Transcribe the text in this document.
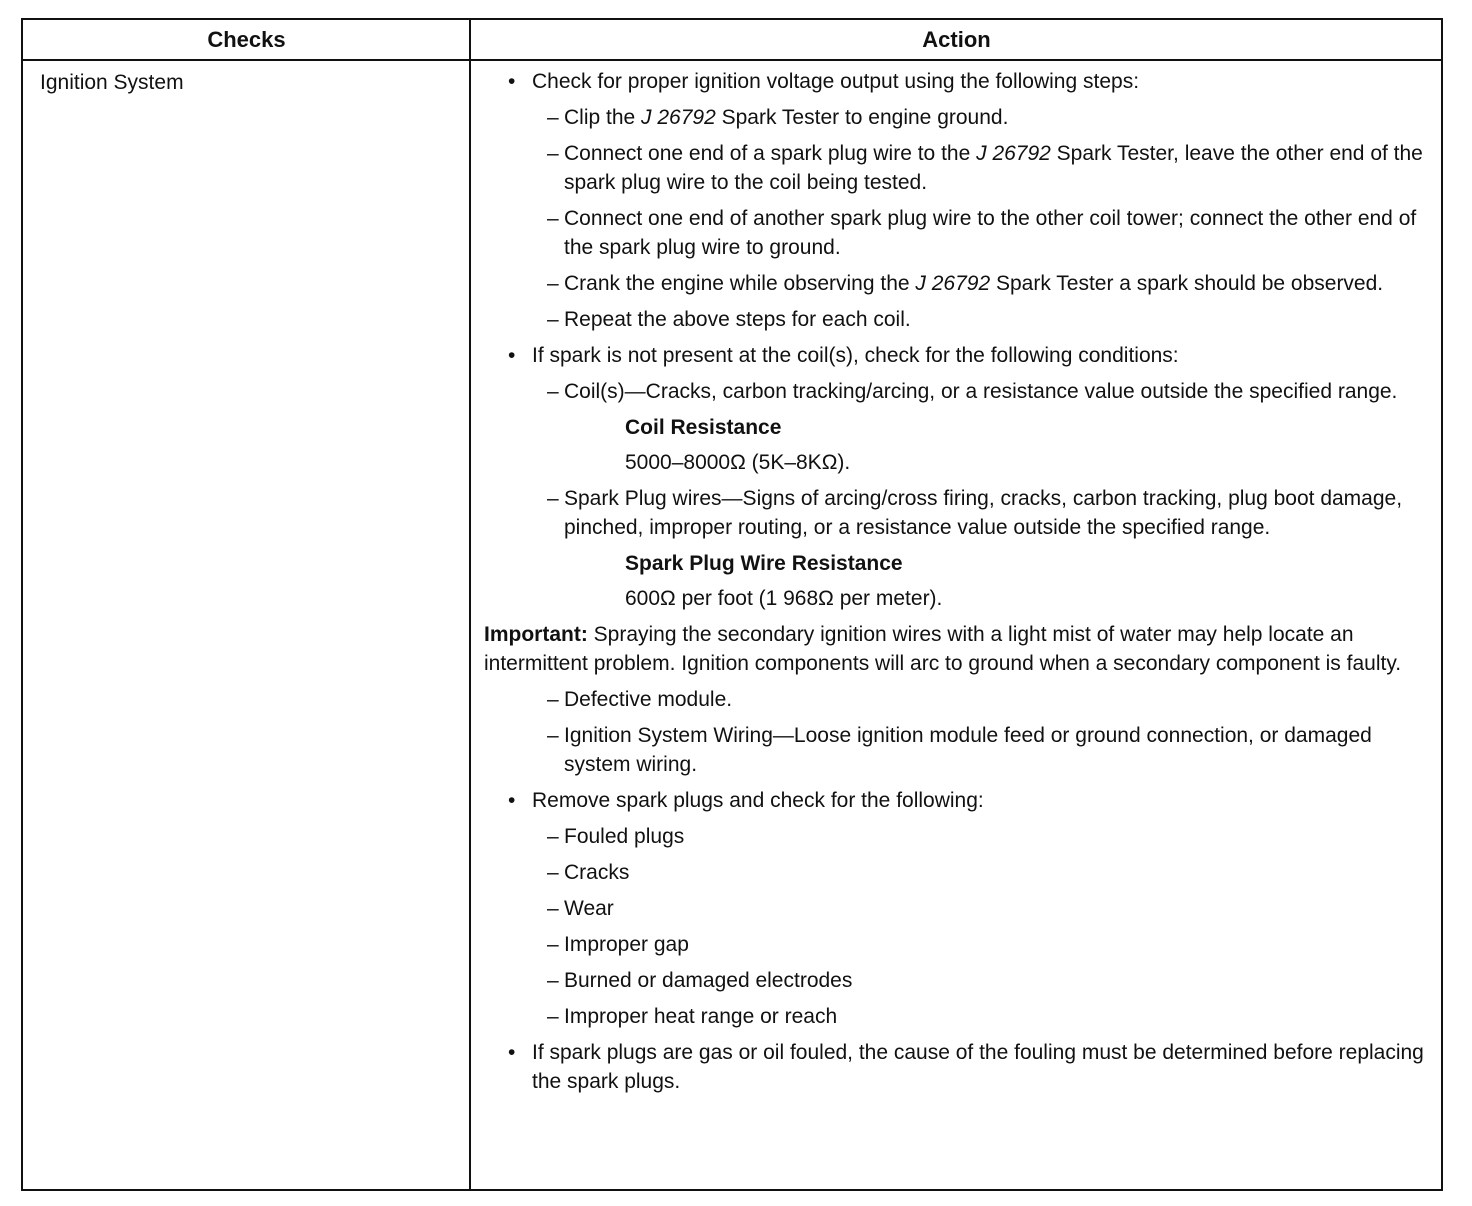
Checks	Action
Ignition System	• Check for proper ignition voltage output using the following steps:
– Clip the J 26792 Spark Tester to engine ground.
– Connect one end of a spark plug wire to the J 26792 Spark Tester, leave the other end of the spark plug wire to the coil being tested.
– Connect one end of another spark plug wire to the other coil tower; connect the other end of the spark plug wire to ground.
– Crank the engine while observing the J 26792 Spark Tester a spark should be observed.
– Repeat the above steps for each coil.
• If spark is not present at the coil(s), check for the following conditions:
– Coil(s)—Cracks, carbon tracking/arcing, or a resistance value outside the specified range.
Coil Resistance
5000–8000Ω (5K–8KΩ).
– Spark Plug wires—Signs of arcing/cross firing, cracks, carbon tracking, plug boot damage, pinched, improper routing, or a resistance value outside the specified range.
Spark Plug Wire Resistance
600Ω per foot (1 968Ω per meter).
Important: Spraying the secondary ignition wires with a light mist of water may help locate an intermittent problem. Ignition components will arc to ground when a secondary component is faulty.
– Defective module.
– Ignition System Wiring—Loose ignition module feed or ground connection, or damaged system wiring.
• Remove spark plugs and check for the following:
– Fouled plugs
– Cracks
– Wear
– Improper gap
– Burned or damaged electrodes
– Improper heat range or reach
• If spark plugs are gas or oil fouled, the cause of the fouling must be determined before replacing the spark plugs.
